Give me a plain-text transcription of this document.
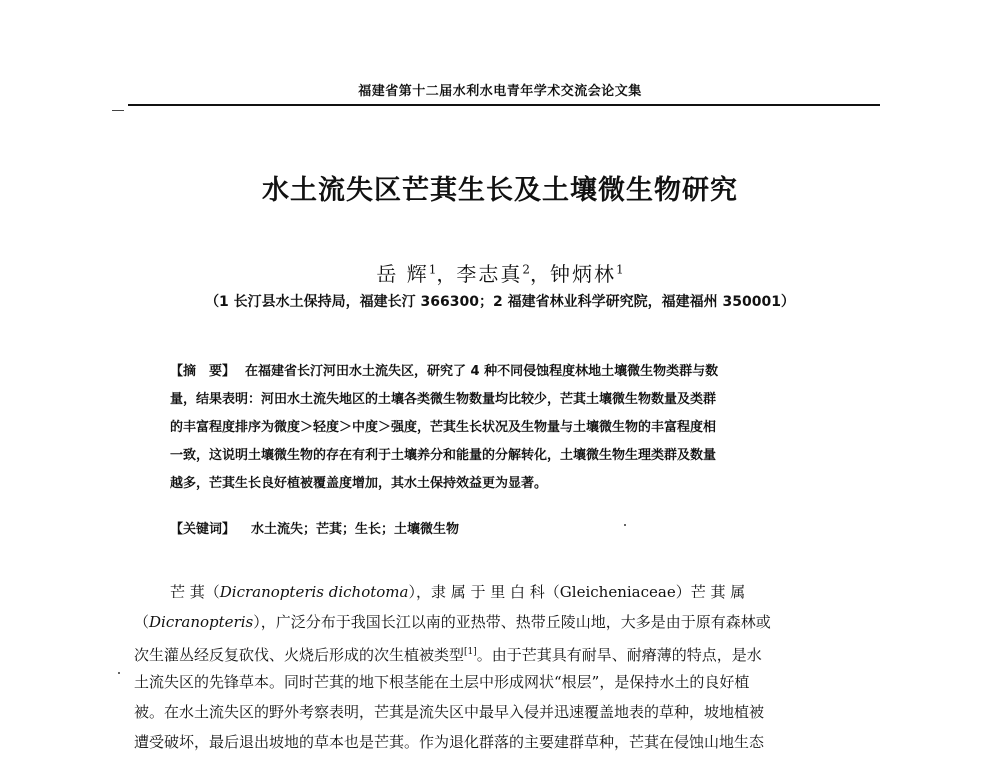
福建省第十二届水利水电青年学术交流会论文集
水土流失区芒萁生长及土壤微生物研究
岳 辉$^1$，李志真$^2$，钟炳林$^1$
（1 长汀县水土保持局，福建长汀 366300；2 福建省林业科学研究院，福建福州 350001）
【摘　要】 在福建省长汀河田水土流失区，研究了 4 种不同侵蚀程度林地土壤微生物类群与数
量，结果表明：河田水土流失地区的土壤各类微生物数量均比较少，芒萁土壤微生物数量及类群
的丰富程度排序为微度＞轻度＞中度＞强度，芒萁生长状况及生物量与土壤微生物的丰富程度相
一致，这说明土壤微生物的存在有利于土壤养分和能量的分解转化，土壤微生物生理类群及数量
越多，芒萁生长良好植被覆盖度增加，其水土保持效益更为显著。
【关键词】 水土流失；芒萁；生长；土壤微生物
芒 萁（Dicranopteris dichotoma），隶 属 于 里 白 科（Gleicheniaceae）芒 萁 属
（Dicranopteris），广泛分布于我国长江以南的亚热带、热带丘陵山地，大多是由于原有森林或
次生灌丛经反复砍伐、火烧后形成的次生植被类型[1]。由于芒萁具有耐旱、耐瘠薄的特点，是水
土流失区的先锋草本。同时芒萁的地下根茎能在土层中形成网状“根层”，是保持水土的良好植
被。在水土流失区的野外考察表明，芒萁是流失区中最早入侵并迅速覆盖地表的草种，坡地植被
遭受破坏，最后退出坡地的草本也是芒萁。作为退化群落的主要建群草种，芒萁在侵蚀山地生态
